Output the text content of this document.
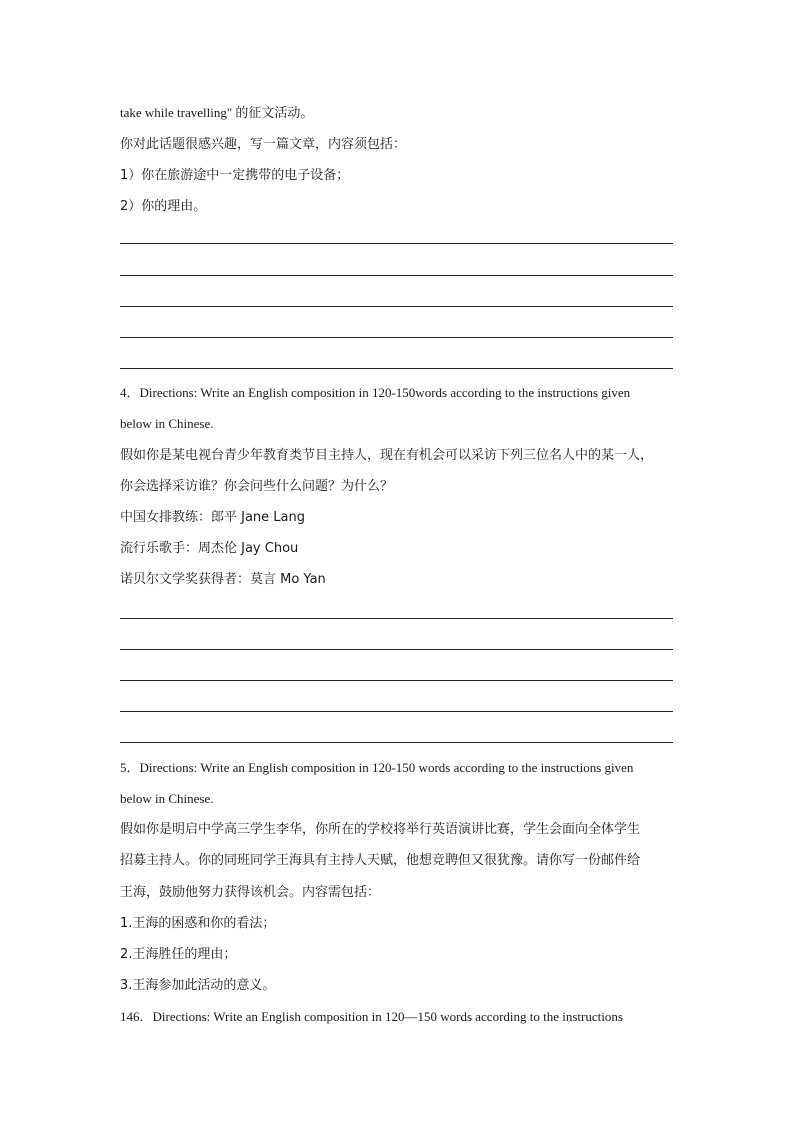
take while travelling" 的征文活动。
你对此话题很感兴趣，写一篇文章，内容须包括：
1）你在旅游途中一定携带的电子设备；
2）你的理由。
4．Directions: Write an English composition in 120-150words according to the instructions given
below in Chinese.
假如你是某电视台青少年教育类节目主持人，现在有机会可以采访下列三位名人中的某一人，
你会选择采访谁？你会问些什么问题？为什么？
中国女排教练：郎平 Jane Lang
流行乐歌手：周杰伦 Jay Chou
诺贝尔文学奖获得者：莫言 Mo Yan
5．Directions: Write an English composition in 120-150 words according to the instructions given
below in Chinese.
假如你是明启中学高三学生李华，你所在的学校将举行英语演讲比赛，学生会面向全体学生
招募主持人。你的同班同学王海具有主持人天赋，他想竞聘但又很犹豫。请你写一份邮件给
王海，鼓励他努力获得该机会。内容需包括：
1.王海的困惑和你的看法；
2.王海胜任的理由；
3.王海参加此活动的意义。
146．Directions: Write an English composition in 120—150 words according to the instructions
